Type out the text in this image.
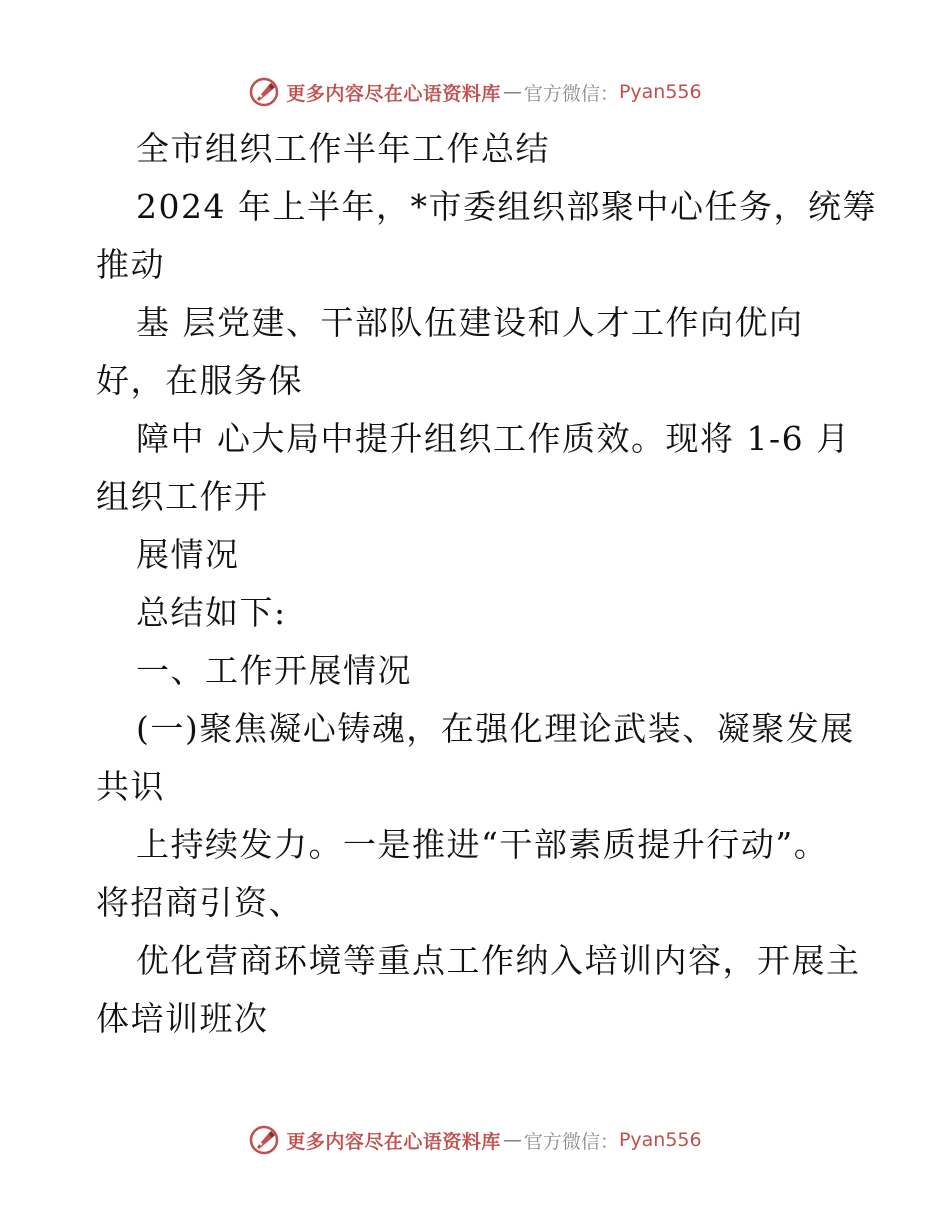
更多内容尽在心语资料库 — 官方微信： Pyan556
全市组织工作半年工作总结
2024 年上半年，*市委组织部聚中心任务，统筹
推动
基 层党建、干部队伍建设和人才工作向优向
好，在服务保
障中 心大局中提升组织工作质效。现将 1-6 月
组织工作开
展情况
总结如下:
一、工作开展情况
(一)聚焦凝心铸魂，在强化理论武装、凝聚发展
共识
上持续发力。一是推进“干部素质提升行动”。
将招商引资、
优化营商环境等重点工作纳入培训内容，开展主
体培训班次
更多内容尽在心语资料库 — 官方微信： Pyan556
